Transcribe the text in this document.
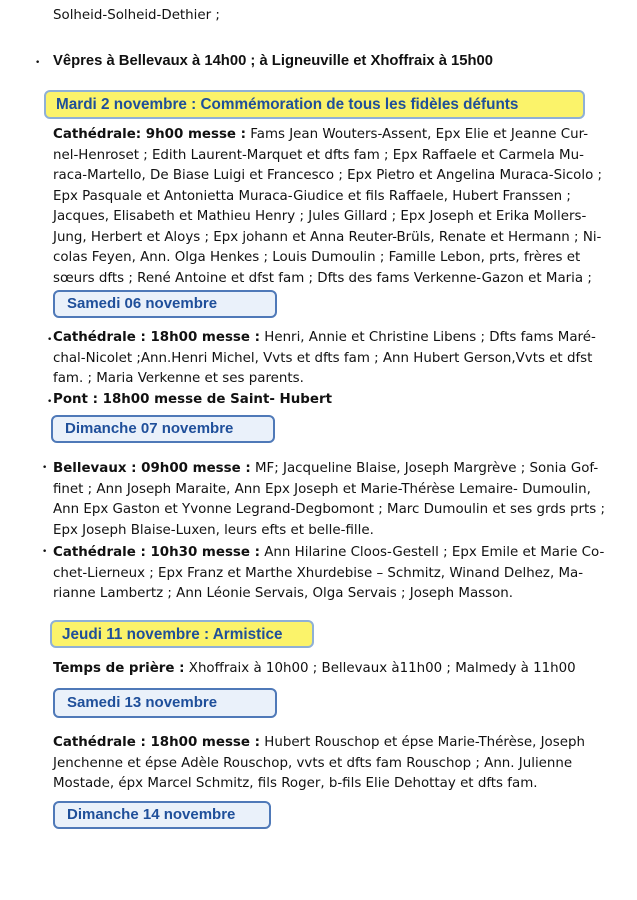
Solheid-Solheid-Dethier ;
• Vêpres à Bellevaux à 14h00 ; à Ligneuville et Xhoffraix à 15h00
Mardi 2 novembre : Commémoration de tous les fidèles défunts
Cathédrale: 9h00 messe : Fams Jean Wouters-Assent, Epx Elie et Jeanne Cur-
nel-Henroset ; Edith Laurent-Marquet et dfts fam ; Epx Raffaele et Carmela Mu-
raca-Martello, De Biase Luigi et Francesco ; Epx Pietro et Angelina Muraca-Sicolo ;
Epx Pasquale et Antonietta Muraca-Giudice et fils Raffaele, Hubert Franssen ;
Jacques, Elisabeth et Mathieu Henry ; Jules Gillard ; Epx Joseph et Erika Mollers-
Jung, Herbert et Aloys ; Epx johann et Anna Reuter-Brüls, Renate et Hermann ; Ni-
colas Feyen, Ann. Olga Henkes ; Louis Dumoulin ; Famille Lebon, prts, frères et
sœurs dfts ; René Antoine et dfst fam ; Dfts des fams Verkenne-Gazon et Maria ;
Samedi 06 novembre
• Cathédrale : 18h00 messe : Henri, Annie et Christine Libens ; Dfts fams Maré-
chal-Nicolet ;Ann.Henri Michel, Vvts et dfts fam ; Ann Hubert Gerson,Vvts et dfst
fam. ; Maria Verkenne et ses parents.
• Pont : 18h00 messe de Saint- Hubert
Dimanche 07 novembre
• Bellevaux : 09h00 messe : MF; Jacqueline Blaise, Joseph Margrève ; Sonia Gof-
finet ; Ann Joseph Maraite, Ann Epx Joseph et Marie-Thérèse Lemaire- Dumoulin,
Ann Epx Gaston et Yvonne Legrand-Degbomont ; Marc Dumoulin et ses grds prts ;
Epx Joseph Blaise-Luxen, leurs efts et belle-fille.
• Cathédrale : 10h30 messe : Ann Hilarine Cloos-Gestell ; Epx Emile et Marie Co-
chet-Lierneux ; Epx Franz et Marthe Xhurdebise – Schmitz, Winand Delhez, Ma-
rianne Lambertz ; Ann Léonie Servais, Olga Servais ; Joseph Masson.
Jeudi 11 novembre : Armistice
Temps de prière : Xhoffraix à 10h00 ; Bellevaux à11h00 ; Malmedy à 11h00
Samedi 13 novembre
Cathédrale : 18h00 messe : Hubert Rouschop et épse Marie-Thérèse, Joseph
Jenchenne et épse Adèle Rouschop, vvts et dfts fam Rouschop ; Ann. Julienne
Mostade, épx Marcel Schmitz, fils Roger, b-fils Elie Dehottay et dfts fam.
Dimanche 14 novembre
